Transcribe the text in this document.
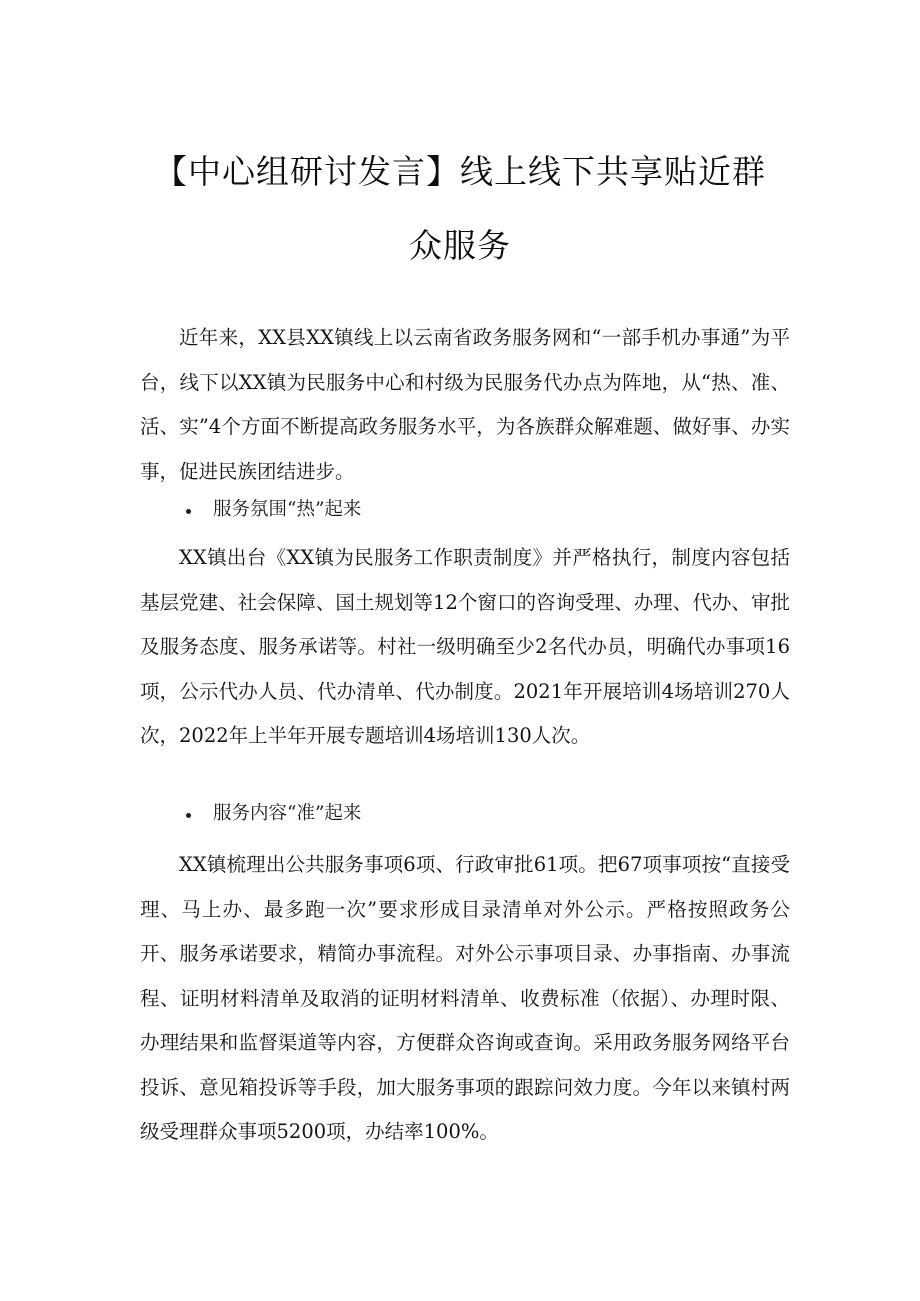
【中心组研讨发言】线上线下共享贴近群
众服务

近年来，XX县XX镇线上以云南省政务服务网和“一部手机办事通”为平台，线下以XX镇为民服务中心和村级为民服务代办点为阵地，从“热、准、活、实”4个方面不断提高政务服务水平，为各族群众解难题、做好事、办实事，促进民族团结进步。

服务氛围“热”起来

XX镇出台《XX镇为民服务工作职责制度》并严格执行，制度内容包括基层党建、社会保障、国土规划等12个窗口的咨询受理、办理、代办、审批及服务态度、服务承诺等。村社一级明确至少2名代办员，明确代办事项16项，公示代办人员、代办清单、代办制度。2021年开展培训4场培训270人次，2022年上半年开展专题培训4场培训130人次。

服务内容“准”起来

XX镇梳理出公共服务事项6项、行政审批61项。把67项事项按“直接受理、马上办、最多跑一次”要求形成目录清单对外公示。严格按照政务公开、服务承诺要求，精简办事流程。对外公示事项目录、办事指南、办事流程、证明材料清单及取消的证明材料清单、收费标准（依据）、办理时限、办理结果和监督渠道等内容，方便群众咨询或查询。采用政务服务网络平台投诉、意见箱投诉等手段，加大服务事项的跟踪问效力度。今年以来镇村两级受理群众事项5200项，办结率100%。
